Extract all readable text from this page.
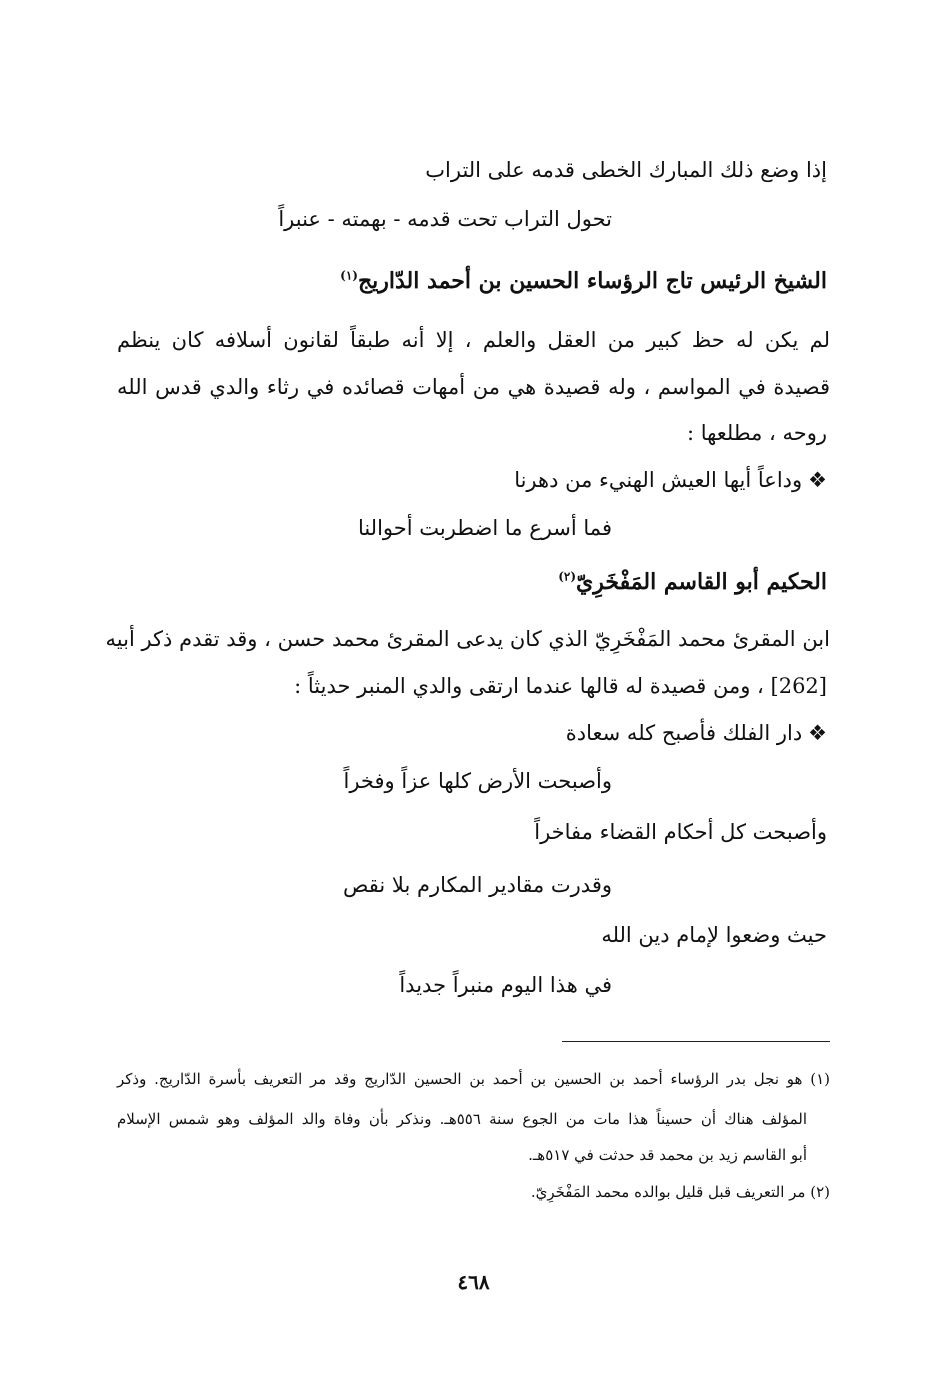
إذا وضع ذلك المبارك الخطى قدمه على التراب
تحول التراب تحت قدمه - بهمته - عنبراً
الشيخ الرئيس تاج الرؤساء الحسين بن أحمد الدّاريج$^{(١)}$
لم يكن له حظ كبير من العقل والعلم ، إلا أنه طبقاً لقانون أسلافه كان ينظم
قصيدة في المواسم ، وله قصيدة هي من أمهات قصائده في رثاء والدي قدس الله
روحه ، مطلعها :
❖وداعاً أيها العيش الهنيء من دهرنا
فما أسرع ما اضطربت أحوالنا
الحكيم أبو القاسم المَفْخَرِيّ$^{(٢)}$
ابن المقرئ محمد المَفْخَرِيّ الذي كان يدعى المقرئ محمد حسن ، وقد تقدم ذكر أبيه
[262] ، ومن قصيدة له قالها عندما ارتقى والدي المنبر حديثاً :
❖دار الفلك فأصبح كله سعادة
وأصبحت الأرض كلها عزاً وفخراً
وأصبحت كل أحكام القضاء مفاخراً
وقدرت مقادير المكارم بلا نقص
حيث وضعوا لإمام دين الله
في هذا اليوم منبراً جديداً
(١) هو نجل بدر الرؤساء أحمد بن الحسين بن أحمد بن الحسين الدّاريج وقد مر التعريف بأسرة الدّاريج. وذكر
المؤلف هناك أن حسيناً هذا مات من الجوع سنة ٥٥٦هـ. ونذكر بأن وفاة والد المؤلف وهو شمس الإسلام
أبو القاسم زيد بن محمد قد حدثت في ٥١٧هـ.
(٢) مر التعريف قبل قليل بوالده محمد المَفْخَرِيّ.
٤٦٨
